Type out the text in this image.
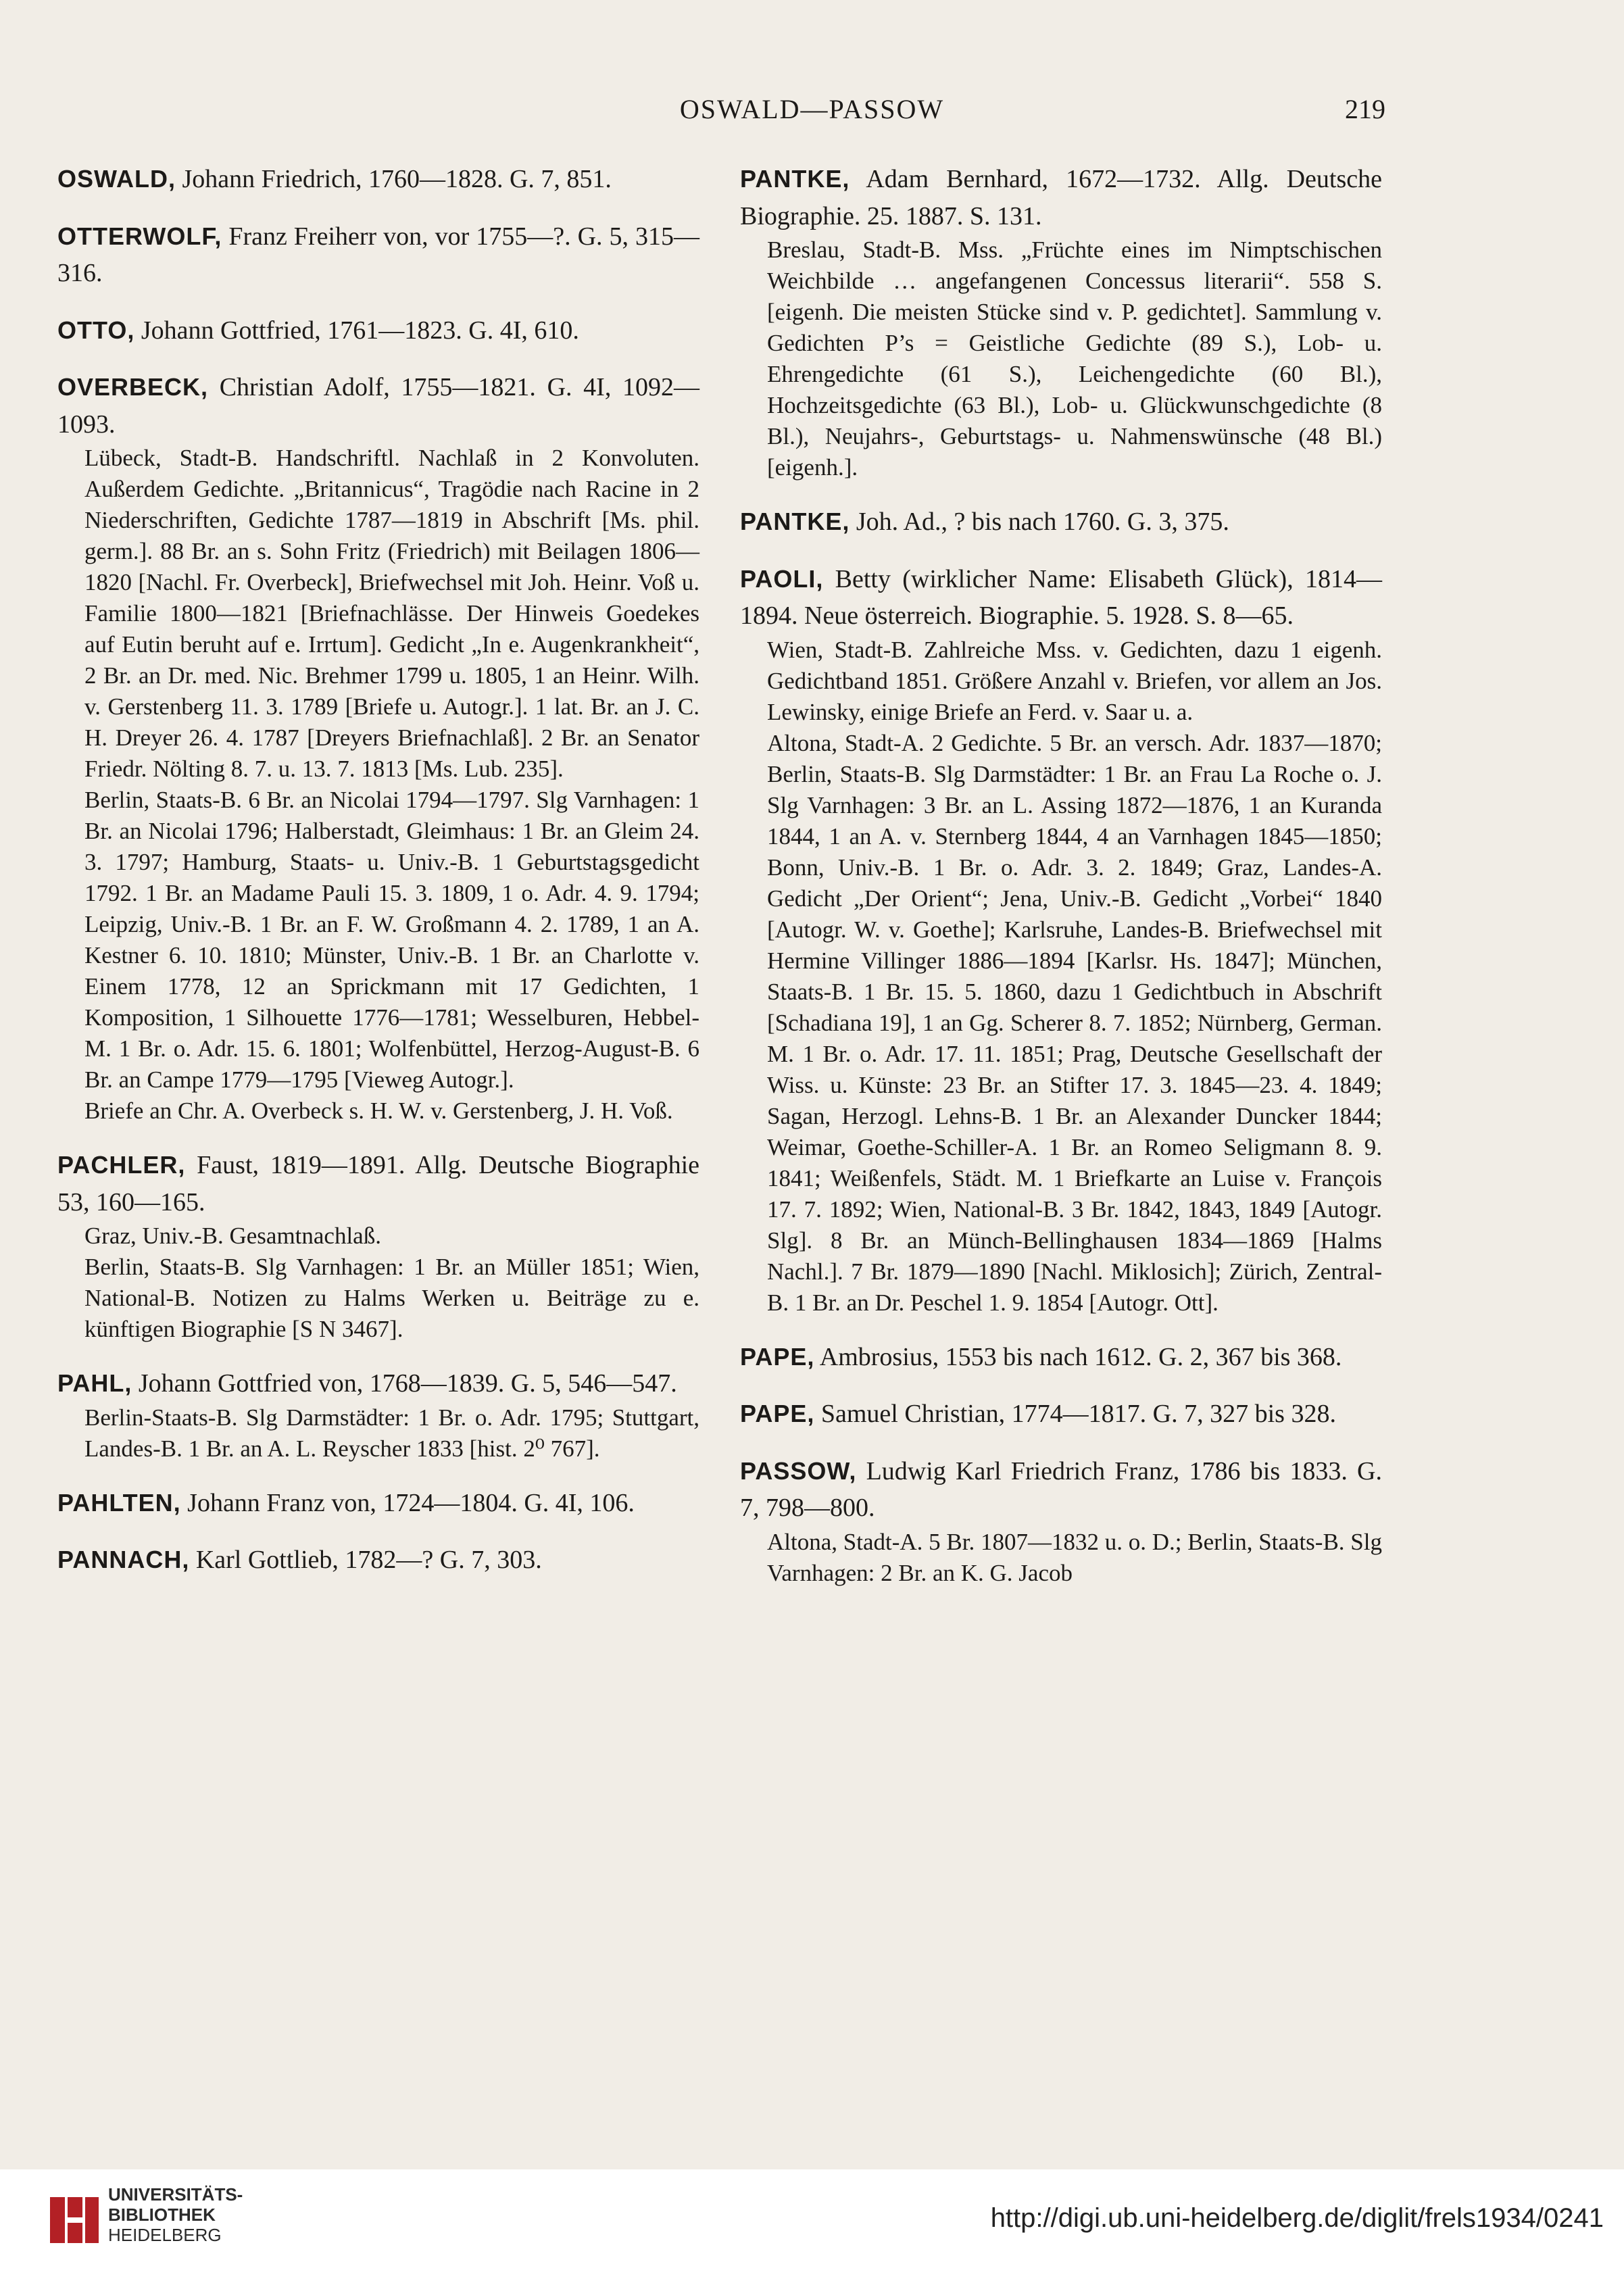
OSWALD—PASSOW	219

OSWALD, Johann Friedrich, 1760—1828. G. 7, 851.

OTTERWOLF, Franz Freiherr von, vor 1755—?. G. 5, 315—316.

OTTO, Johann Gottfried, 1761—1823. G. 4I, 610.

OVERBECK, Christian Adolf, 1755—1821. G. 4I, 1092—1093.

Lübeck, Stadt-B. Handschriftl. Nachlaß in 2 Konvoluten. Außerdem Gedichte. „Britannicus“, Tragödie nach Racine in 2 Niederschriften, Gedichte 1787—1819 in Abschrift [Ms. phil. germ.]. 88 Br. an s. Sohn Fritz (Friedrich) mit Beilagen 1806—1820 [Nachl. Fr. Overbeck], Briefwechsel mit Joh. Heinr. Voß u. Familie 1800—1821 [Briefnachlässe. Der Hinweis Goedekes auf Eutin beruht auf e. Irrtum]. Gedicht „In e. Augenkrankheit“, 2 Br. an Dr. med. Nic. Brehmer 1799 u. 1805, 1 an Heinr. Wilh. v. Gerstenberg 11. 3. 1789 [Briefe u. Autogr.]. 1 lat. Br. an J. C. H. Dreyer 26. 4. 1787 [Dreyers Briefnachlaß]. 2 Br. an Senator Friedr. Nölting 8. 7. u. 13. 7. 1813 [Ms. Lub. 235].

Berlin, Staats-B. 6 Br. an Nicolai 1794—1797. Slg Varnhagen: 1 Br. an Nicolai 1796; Halberstadt, Gleimhaus: 1 Br. an Gleim 24. 3. 1797; Hamburg, Staats- u. Univ.-B. 1 Geburtstagsgedicht 1792. 1 Br. an Madame Pauli 15. 3. 1809, 1 o. Adr. 4. 9. 1794; Leipzig, Univ.-B. 1 Br. an F. W. Großmann 4. 2. 1789, 1 an A. Kestner 6. 10. 1810; Münster, Univ.-B. 1 Br. an Charlotte v. Einem 1778, 12 an Sprickmann mit 17 Gedichten, 1 Komposition, 1 Silhouette 1776—1781; Wesselburen, Hebbel-M. 1 Br. o. Adr. 15. 6. 1801; Wolfenbüttel, Herzog-August-B. 6 Br. an Campe 1779—1795 [Vieweg Autogr.].

Briefe an Chr. A. Overbeck s. H. W. v. Gerstenberg, J. H. Voß.

PACHLER, Faust, 1819—1891. Allg. Deutsche Biographie 53, 160—165.

Graz, Univ.-B. Gesamtnachlaß.

Berlin, Staats-B. Slg Varnhagen: 1 Br. an Müller 1851; Wien, National-B. Notizen zu Halms Werken u. Beiträge zu e. künftigen Biographie [S N 3467].

PAHL, Johann Gottfried von, 1768—1839. G. 5, 546—547.

Berlin-Staats-B. Slg Darmstädter: 1 Br. o. Adr. 1795; Stuttgart, Landes-B. 1 Br. an A. L. Reyscher 1833 [hist. 2⁰ 767].

PAHLTEN, Johann Franz von, 1724—1804. G. 4I, 106.

PANNACH, Karl Gottlieb, 1782—? G. 7, 303.

PANTKE, Adam Bernhard, 1672—1732. Allg. Deutsche Biographie. 25. 1887. S. 131.

Breslau, Stadt-B. Mss. „Früchte eines im Nimptschischen Weichbilde … angefangenen Concessus literarii“. 558 S. [eigenh. Die meisten Stücke sind v. P. gedichtet]. Sammlung v. Gedichten P’s = Geistliche Gedichte (89 S.), Lob- u. Ehrengedichte (61 S.), Leichengedichte (60 Bl.), Hochzeitsgedichte (63 Bl.), Lob- u. Glückwunschgedichte (8 Bl.), Neujahrs-, Geburtstags- u. Nahmenswünsche (48 Bl.) [eigenh.].

PANTKE, Joh. Ad., ? bis nach 1760. G. 3, 375.

PAOLI, Betty (wirklicher Name: Elisabeth Glück), 1814—1894. Neue österreich. Biographie. 5. 1928. S. 8—65.

Wien, Stadt-B. Zahlreiche Mss. v. Gedichten, dazu 1 eigenh. Gedichtband 1851. Größere Anzahl v. Briefen, vor allem an Jos. Lewinsky, einige Briefe an Ferd. v. Saar u. a.

Altona, Stadt-A. 2 Gedichte. 5 Br. an versch. Adr. 1837—1870; Berlin, Staats-B. Slg Darmstädter: 1 Br. an Frau La Roche o. J. Slg Varnhagen: 3 Br. an L. Assing 1872—1876, 1 an Kuranda 1844, 1 an A. v. Sternberg 1844, 4 an Varnhagen 1845—1850; Bonn, Univ.-B. 1 Br. o. Adr. 3. 2. 1849; Graz, Landes-A. Gedicht „Der Orient“; Jena, Univ.-B. Gedicht „Vorbei“ 1840 [Autogr. W. v. Goethe]; Karlsruhe, Landes-B. Briefwechsel mit Hermine Villinger 1886—1894 [Karlsr. Hs. 1847]; München, Staats-B. 1 Br. 15. 5. 1860, dazu 1 Gedichtbuch in Abschrift [Schadiana 19], 1 an Gg. Scherer 8. 7. 1852; Nürnberg, German. M. 1 Br. o. Adr. 17. 11. 1851; Prag, Deutsche Gesellschaft der Wiss. u. Künste: 23 Br. an Stifter 17. 3. 1845—23. 4. 1849; Sagan, Herzogl. Lehns-B. 1 Br. an Alexander Duncker 1844; Weimar, Goethe-Schiller-A. 1 Br. an Romeo Seligmann 8. 9. 1841; Weißenfels, Städt. M. 1 Briefkarte an Luise v. François 17. 7. 1892; Wien, National-B. 3 Br. 1842, 1843, 1849 [Autogr. Slg]. 8 Br. an Münch-Bellinghausen 1834—1869 [Halms Nachl.]. 7 Br. 1879—1890 [Nachl. Miklosich]; Zürich, Zentral-B. 1 Br. an Dr. Peschel 1. 9. 1854 [Autogr. Ott].

PAPE, Ambrosius, 1553 bis nach 1612. G. 2, 367 bis 368.

PAPE, Samuel Christian, 1774—1817. G. 7, 327 bis 328.

PASSOW, Ludwig Karl Friedrich Franz, 1786 bis 1833. G. 7, 798—800.

Altona, Stadt-A. 5 Br. 1807—1832 u. o. D.; Berlin, Staats-B. Slg Varnhagen: 2 Br. an K. G. Jacob

UNIVERSITÄTS-
BIBLIOTHEK
HEIDELBERG
http://digi.ub.uni-heidelberg.de/diglit/frels1934/0241
